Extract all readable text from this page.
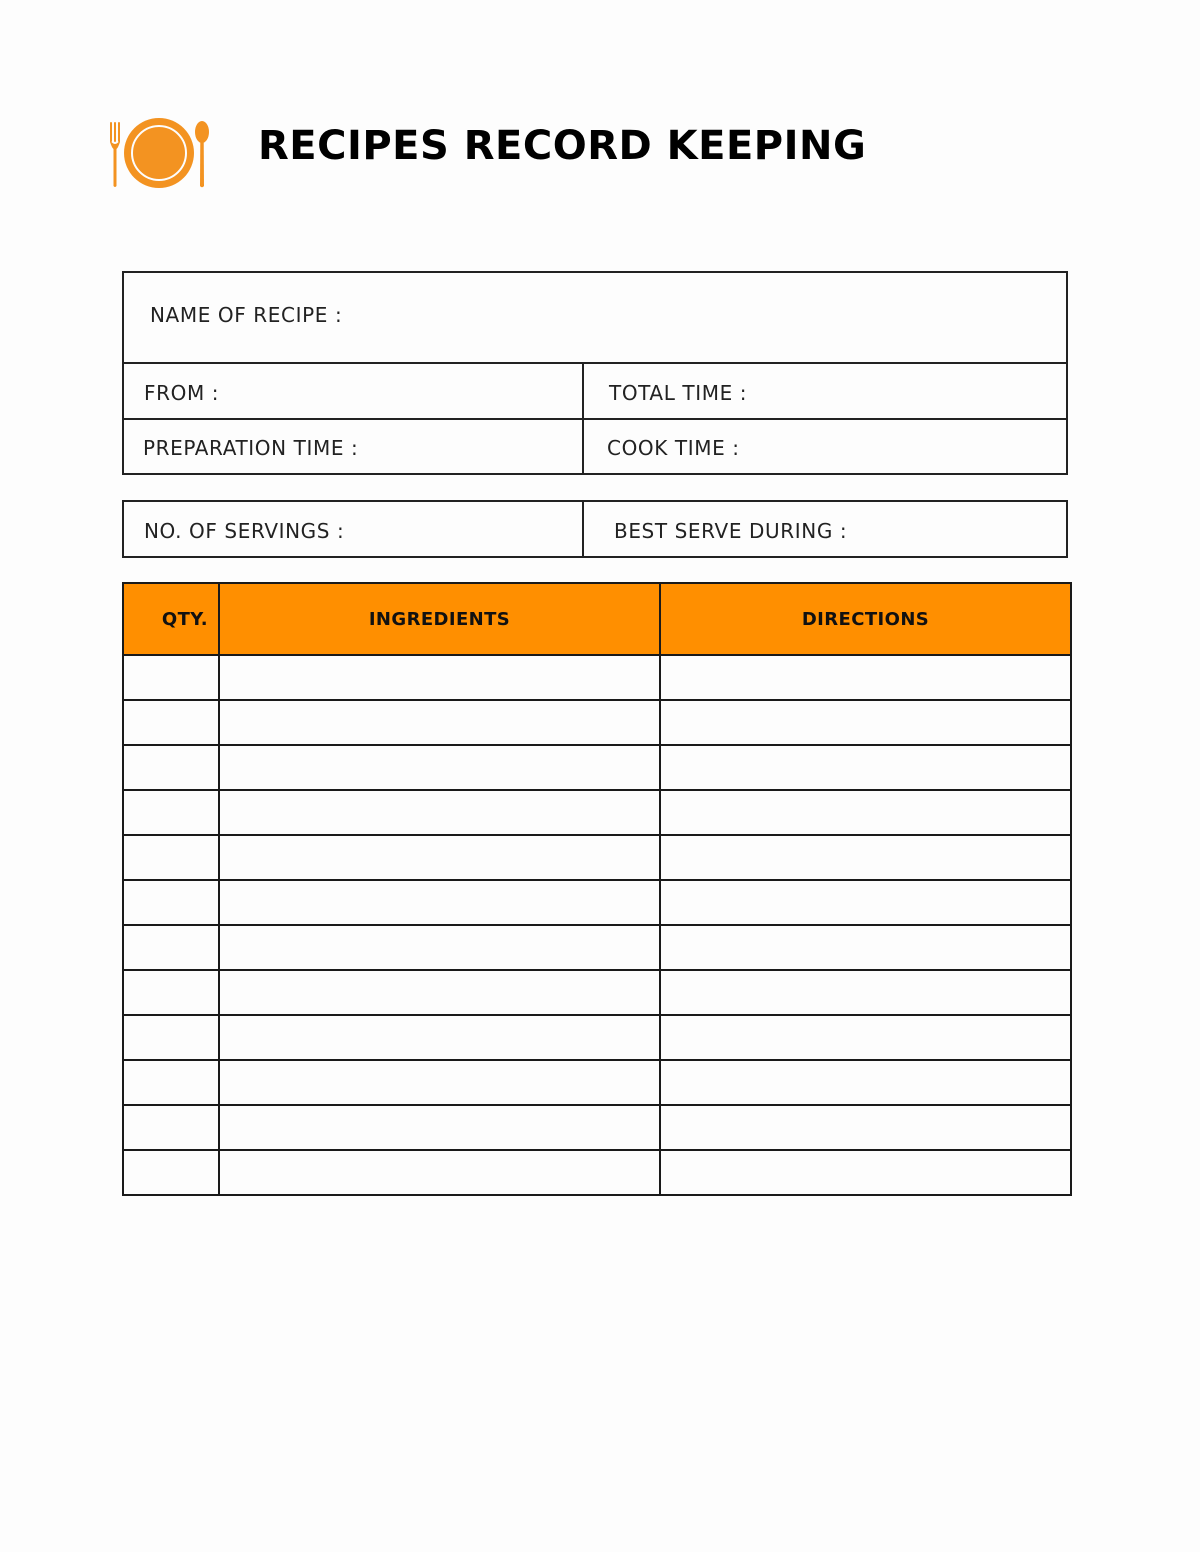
RECIPES RECORD KEEPING
NAME OF RECIPE :
FROM :	TOTAL TIME :
PREPARATION TIME :	COOK TIME :
NO. OF SERVINGS :	BEST SERVE DURING :
QTY.	INGREDIENTS	DIRECTIONS
